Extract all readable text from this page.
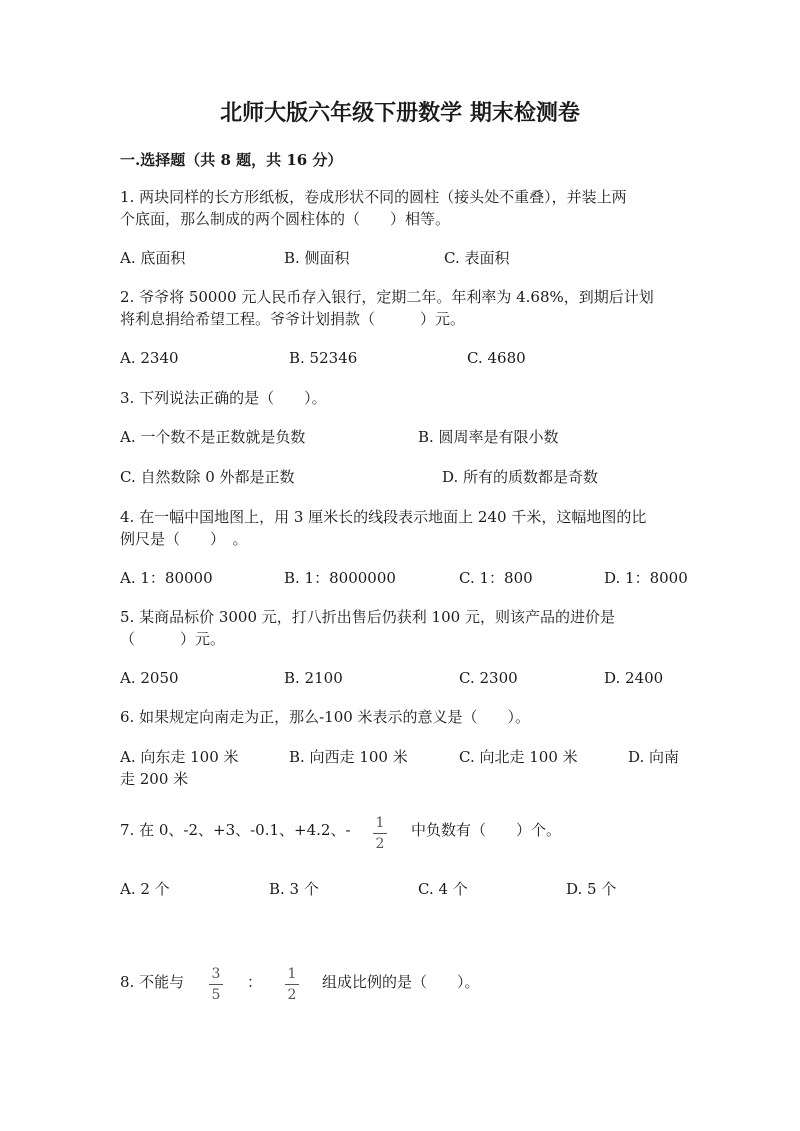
北师大版六年级下册数学 期末检测卷
一.选择题（共 8 题，共 16 分）
1. 两块同样的长方形纸板，卷成形状不同的圆柱（接头处不重叠），并装上两
个底面，那么制成的两个圆柱体的（　　）相等。
A. 底面积	B. 侧面积	C. 表面积
2. 爷爷将 50000 元人民币存入银行，定期二年。年利率为 4.68%，到期后计划
将利息捐给希望工程。爷爷计划捐款（　　　）元。
A. 2340	B. 52346	C. 4680
3. 下列说法正确的是（　　）。
A. 一个数不是正数就是负数	B. 圆周率是有限小数
C. 自然数除 0 外都是正数	D. 所有的质数都是奇数
4. 在一幅中国地图上，用 3 厘米长的线段表示地面上 240 千米，这幅地图的比
例尺是（　　）　。
A. 1：80000	B. 1：8000000	C. 1：800	D. 1：8000
5. 某商品标价 3000 元，打八折出售后仍获利 100 元，则该产品的进价是
（　　　）元。
A. 2050	B. 2100	C. 2300	D. 2400
6. 如果规定向南走为正，那么-100 米表示的意义是（　　）。
A. 向东走 100 米	B. 向西走 100 米	C. 向北走 100 米	D. 向南
走 200 米
7. 在 0、-2、+3、-0.1、+4.2、-	1
2
中负数有（　　）个。
A. 2 个	B. 3 个	C. 4 个	D. 5 个
8. 不能与	3
5
：	1
2
组成比例的是（　　）。
